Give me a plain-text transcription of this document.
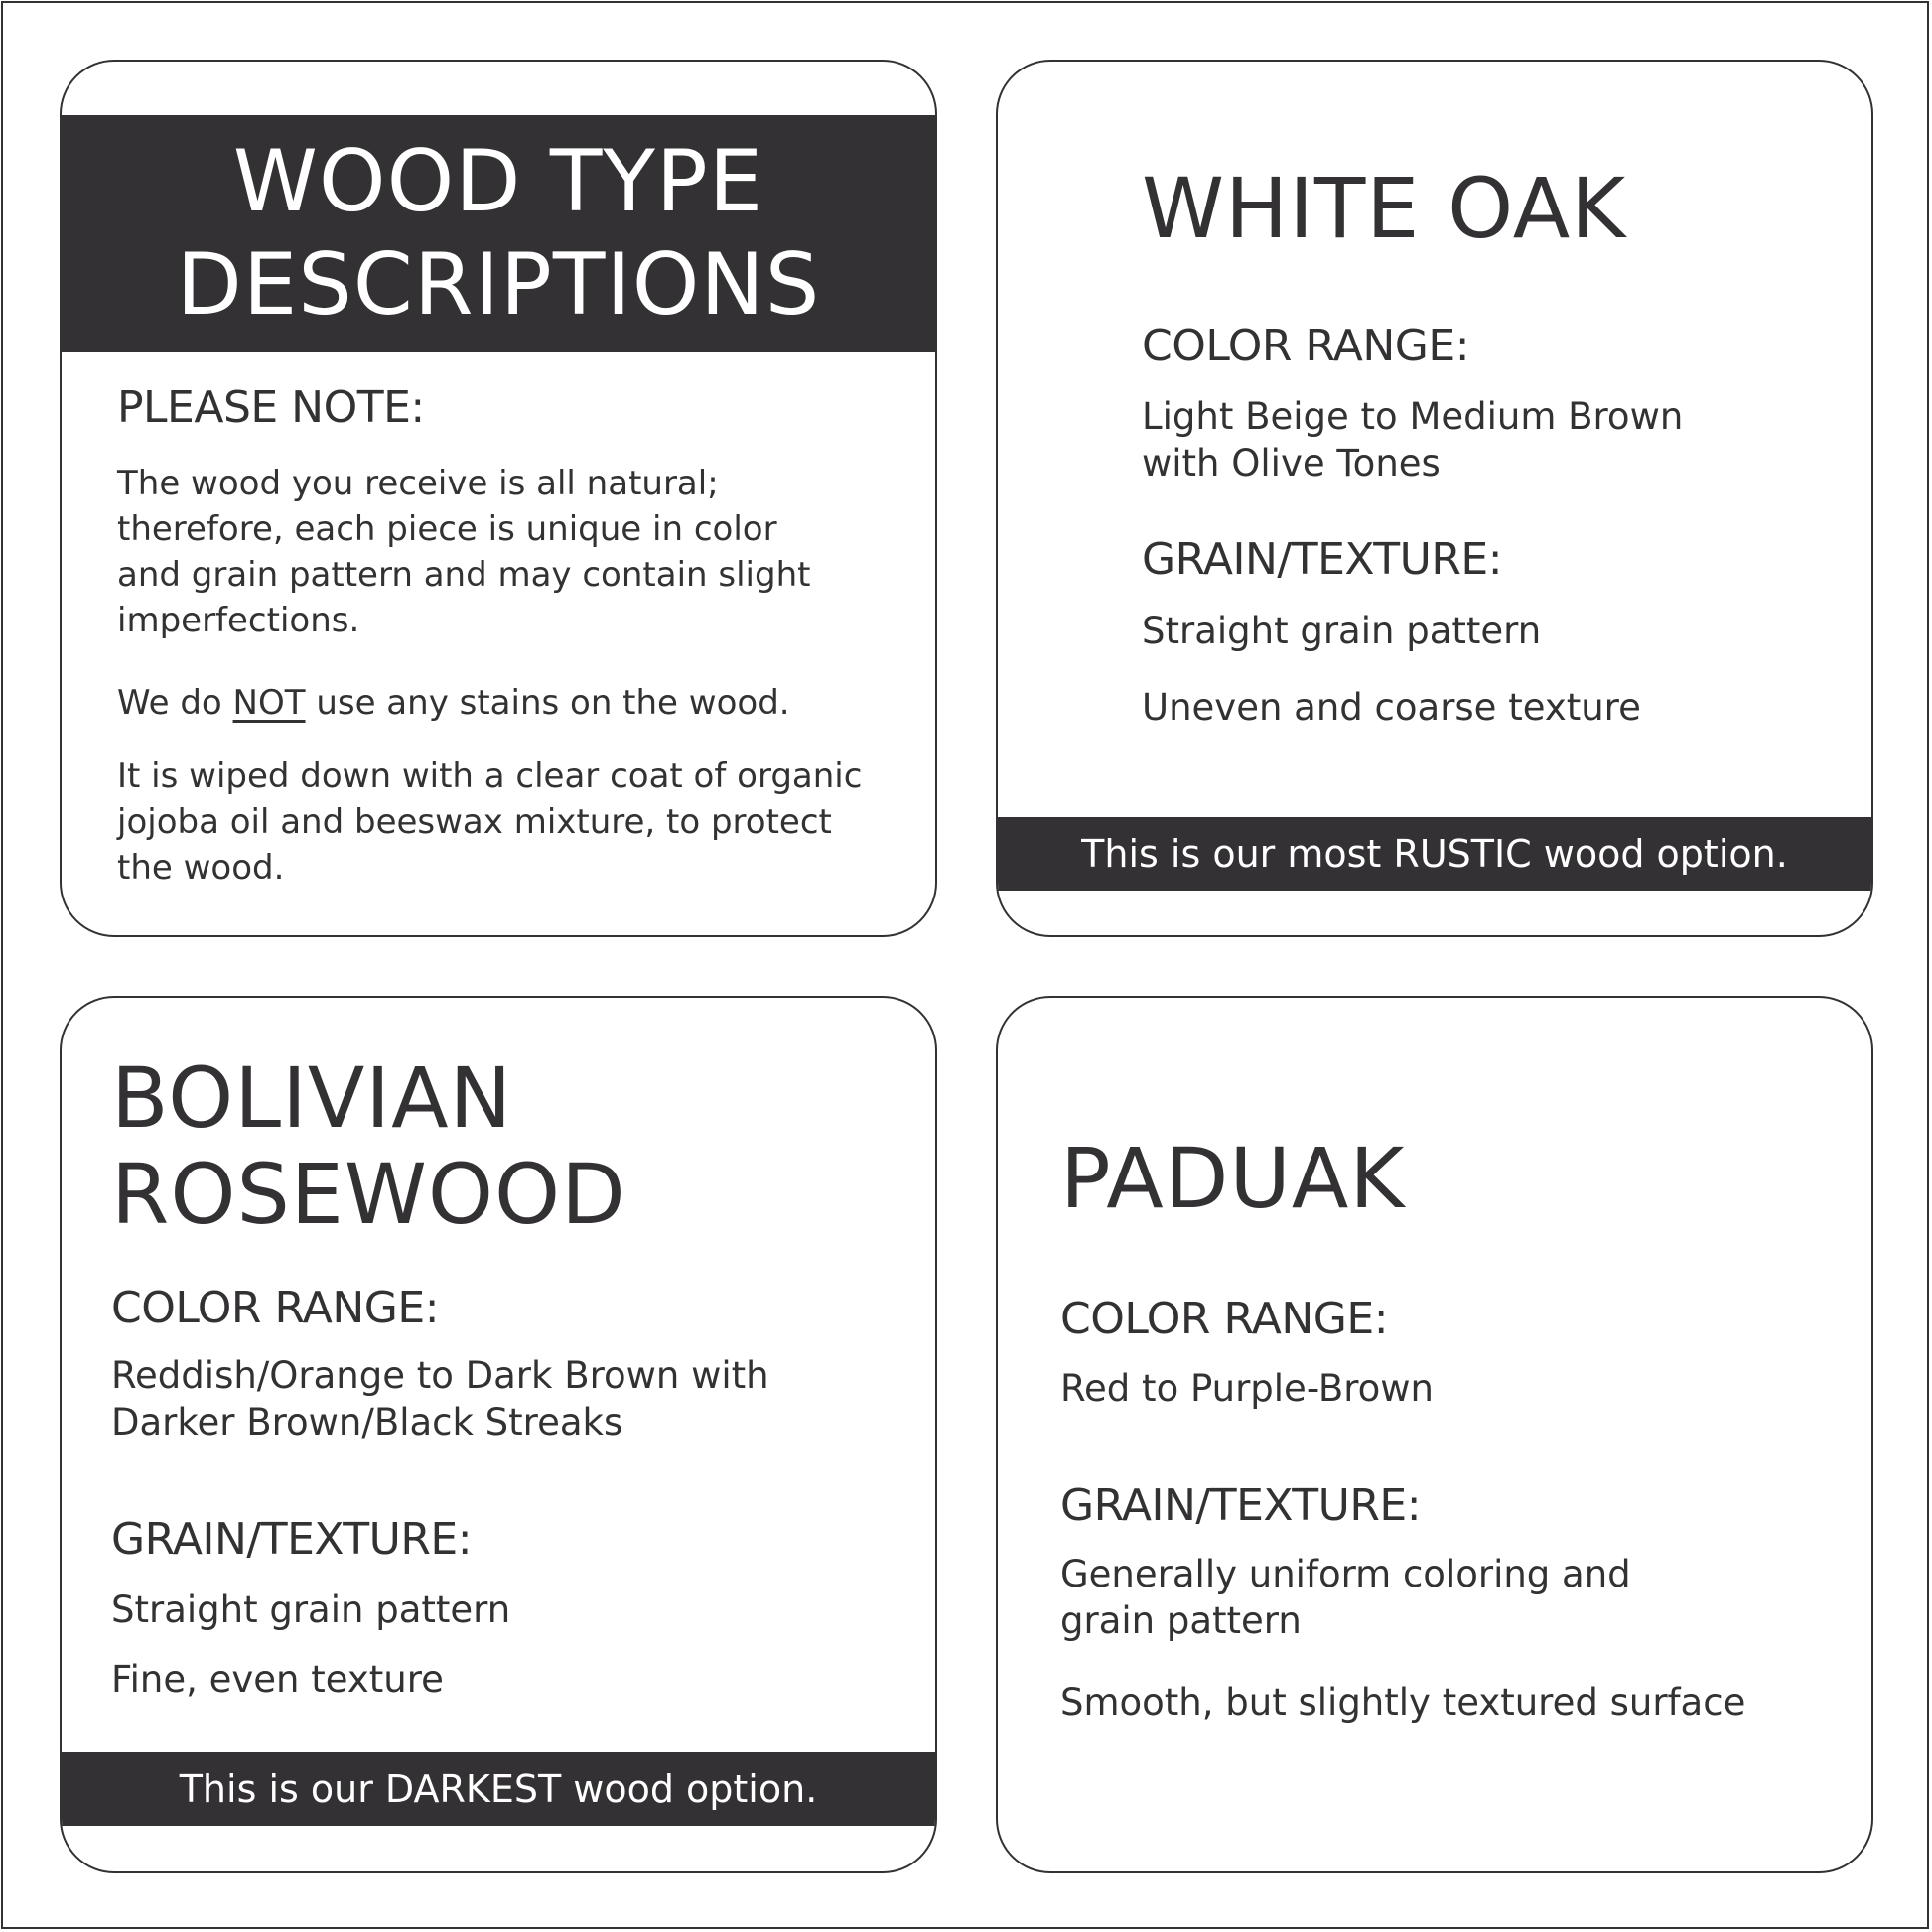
WOOD TYPE
DESCRIPTIONS
PLEASE NOTE:
The wood you receive is all natural;
therefore, each piece is unique in color
and grain pattern and may contain slight
imperfections.
We do NOT use any stains on the wood.
It is wiped down with a clear coat of organic
jojoba oil and beeswax mixture, to protect
the wood.
WHITE OAK
COLOR RANGE:
Light Beige to Medium Brown
with Olive Tones
GRAIN/TEXTURE:
Straight grain pattern
Uneven and coarse texture
This is our most RUSTIC wood option.
BOLIVIAN
ROSEWOOD
COLOR RANGE:
Reddish/Orange to Dark Brown with
Darker Brown/Black Streaks
GRAIN/TEXTURE:
Straight grain pattern
Fine, even texture
This is our DARKEST wood option.
PADUAK
COLOR RANGE:
Red to Purple-Brown
GRAIN/TEXTURE:
Generally uniform coloring and
grain pattern
Smooth, but slightly textured surface
